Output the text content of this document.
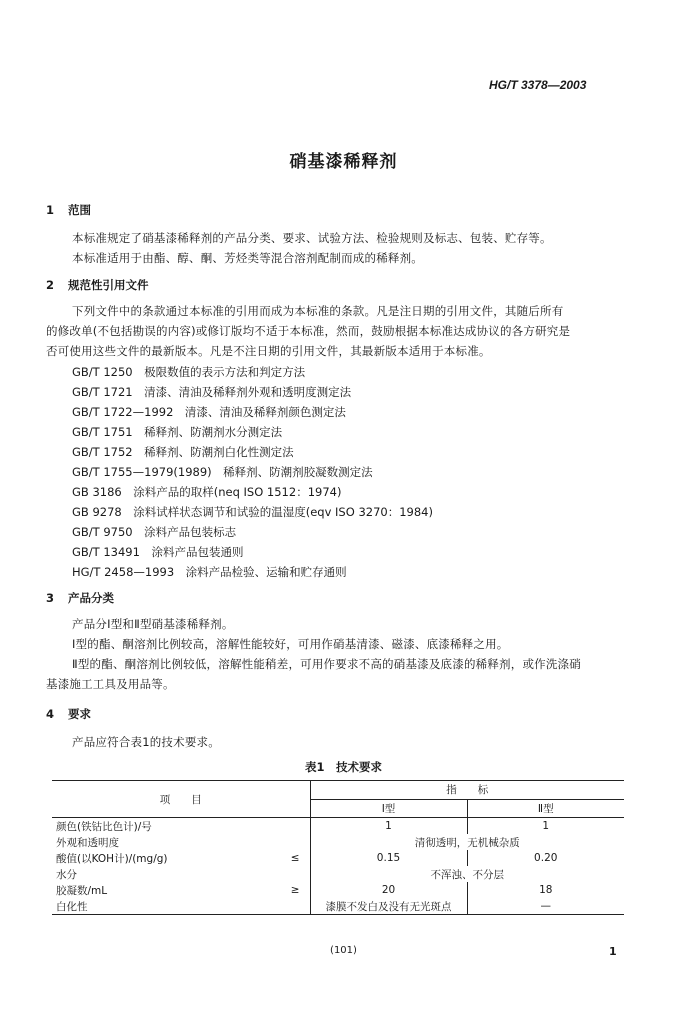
HG/T 3378—2003
硝基漆稀释剂
1 范围
本标准规定了硝基漆稀释剂的产品分类、要求、试验方法、检验规则及标志、包装、贮存等。
本标准适用于由酯、醇、酮、芳烃类等混合溶剂配制而成的稀释剂。
2 规范性引用文件
下列文件中的条款通过本标准的引用而成为本标准的条款。凡是注日期的引用文件，其随后所有
的修改单(不包括勘误的内容)或修订版均不适于本标准，然而，鼓励根据本标准达成协议的各方研究是
否可使用这些文件的最新版本。凡是不注日期的引用文件，其最新版本适用于本标准。
GB/T 1250　极限数值的表示方法和判定方法
GB/T 1721　清漆、清油及稀释剂外观和透明度测定法
GB/T 1722—1992　清漆、清油及稀释剂颜色测定法
GB/T 1751　稀释剂、防潮剂水分测定法
GB/T 1752　稀释剂、防潮剂白化性测定法
GB/T 1755—1979(1989)　稀释剂、防潮剂胶凝数测定法
GB 3186　涂料产品的取样(neq ISO 1512：1974)
GB 9278　涂料试样状态调节和试验的温湿度(eqv ISO 3270：1984)
GB/T 9750　涂料产品包装标志
GB/T 13491　涂料产品包装通则
HG/T 2458—1993　涂料产品检验、运输和贮存通则
3 产品分类
产品分Ⅰ型和Ⅱ型硝基漆稀释剂。
Ⅰ型的酯、酮溶剂比例较高，溶解性能较好，可用作硝基清漆、磁漆、底漆稀释之用。
Ⅱ型的酯、酮溶剂比例较低，溶解性能稍差，可用作要求不高的硝基漆及底漆的稀释剂，或作洗涤硝
基漆施工工具及用品等。
4 要求
产品应符合表1的技术要求。
表1　技术要求
项　　目		指　　标	
		Ⅰ型	Ⅱ型
颜色(铁钴比色计)/号		1	1
外观和透明度		清彻透明，无机械杂质	
酸值(以KOH计)/(mg/g)	≤	0.15	0.20
水分		不浑浊、不分层	
胶凝数/mL	≥	20	18
白化性		漆膜不发白及没有无光斑点	—
(101)	1
